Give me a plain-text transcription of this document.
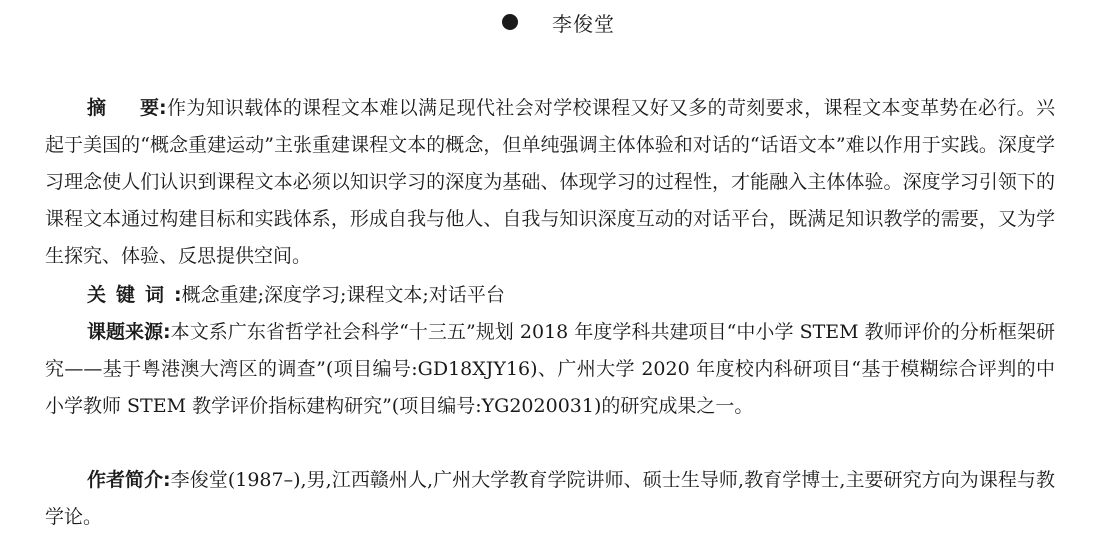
李俊堂
摘要:作为知识载体的课程文本难以满足现代社会对学校课程又好又多的苛刻要求，课程文本变革势在必行。兴起于美国的“概念重建运动”主张重建课程文本的概念，但单纯强调主体体验和对话的“话语文本”难以作用于实践。深度学习理念使人们认识到课程文本必须以知识学习的深度为基础、体现学习的过程性，才能融入主体体验。深度学习引领下的课程文本通过构建目标和实践体系，形成自我与他人、自我与知识深度互动的对话平台，既满足知识教学的需要，又为学生探究、体验、反思提供空间。
关键词:概念重建;深度学习;课程文本;对话平台
课题来源:本文系广东省哲学社会科学“十三五”规划 2018 年度学科共建项目“中小学 STEM 教师评价的分析框架研究——基于粤港澳大湾区的调查”(项目编号:GD18XJY16)、广州大学 2020 年度校内科研项目“基于模糊综合评判的中小学教师 STEM 教学评价指标建构研究”(项目编号:YG2020031)的研究成果之一。
作者简介:李俊堂(1987–),男,江西赣州人,广州大学教育学院讲师、硕士生导师,教育学博士,主要研究方向为课程与教学论。
